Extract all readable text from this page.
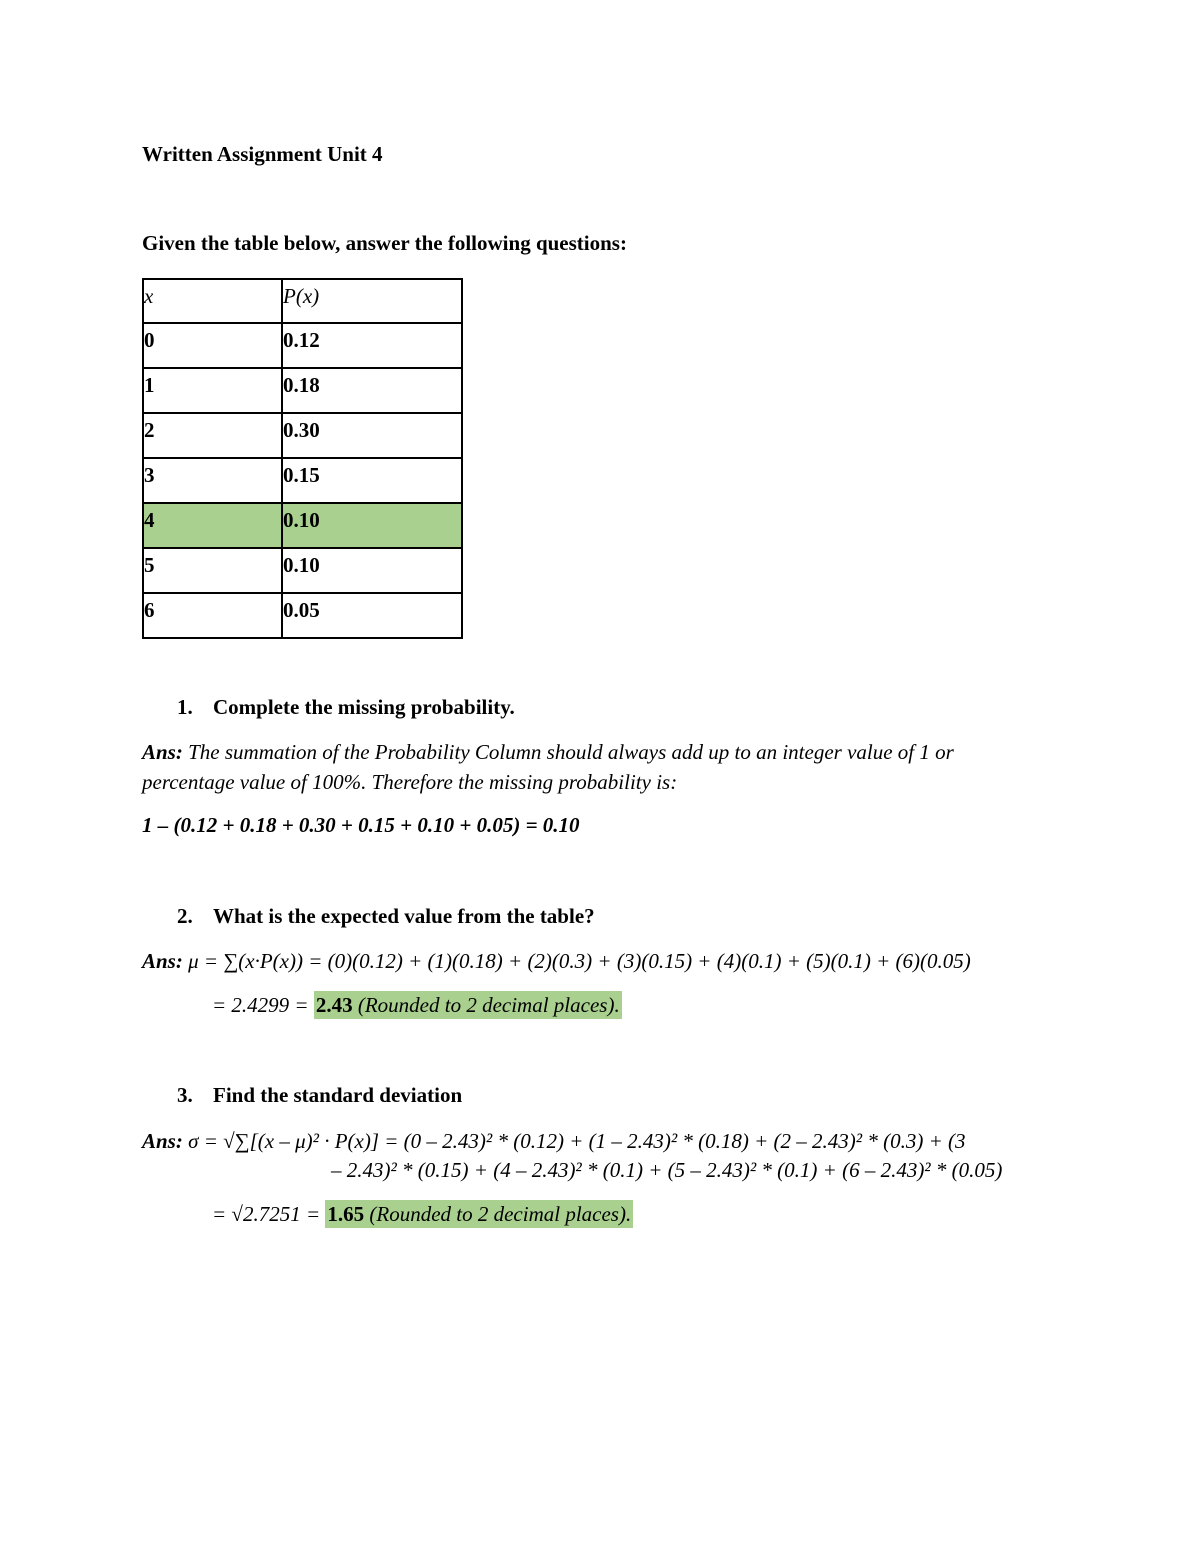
Written Assignment Unit 4
Given the table below, answer the following questions:
x	P(x)
0	0.12
1	0.18
2	0.30
3	0.15
4	0.10
5	0.10
6	0.05
1. Complete the missing probability.
Ans: The summation of the Probability Column should always add up to an integer value of 1 or
percentage value of 100%. Therefore the missing probability is:
1 – (0.12 + 0.18 + 0.30 + 0.15 + 0.10 + 0.05) = 0.10
2. What is the expected value from the table?
Ans: μ = ∑(x·P(x)) = (0)(0.12) + (1)(0.18) + (2)(0.3) + (3)(0.15) + (4)(0.1) + (5)(0.1) + (6)(0.05)
= 2.4299 = 2.43 (Rounded to 2 decimal places).
3. Find the standard deviation
Ans: σ = √∑[(x – μ)² · P(x)] = (0 – 2.43)² * (0.12) + (1 – 2.43)² * (0.18) + (2 – 2.43)² * (0.3) + (3
– 2.43)² * (0.15) + (4 – 2.43)² * (0.1) + (5 – 2.43)² * (0.1) + (6 – 2.43)² * (0.05)
= √2.7251 = 1.65 (Rounded to 2 decimal places).
